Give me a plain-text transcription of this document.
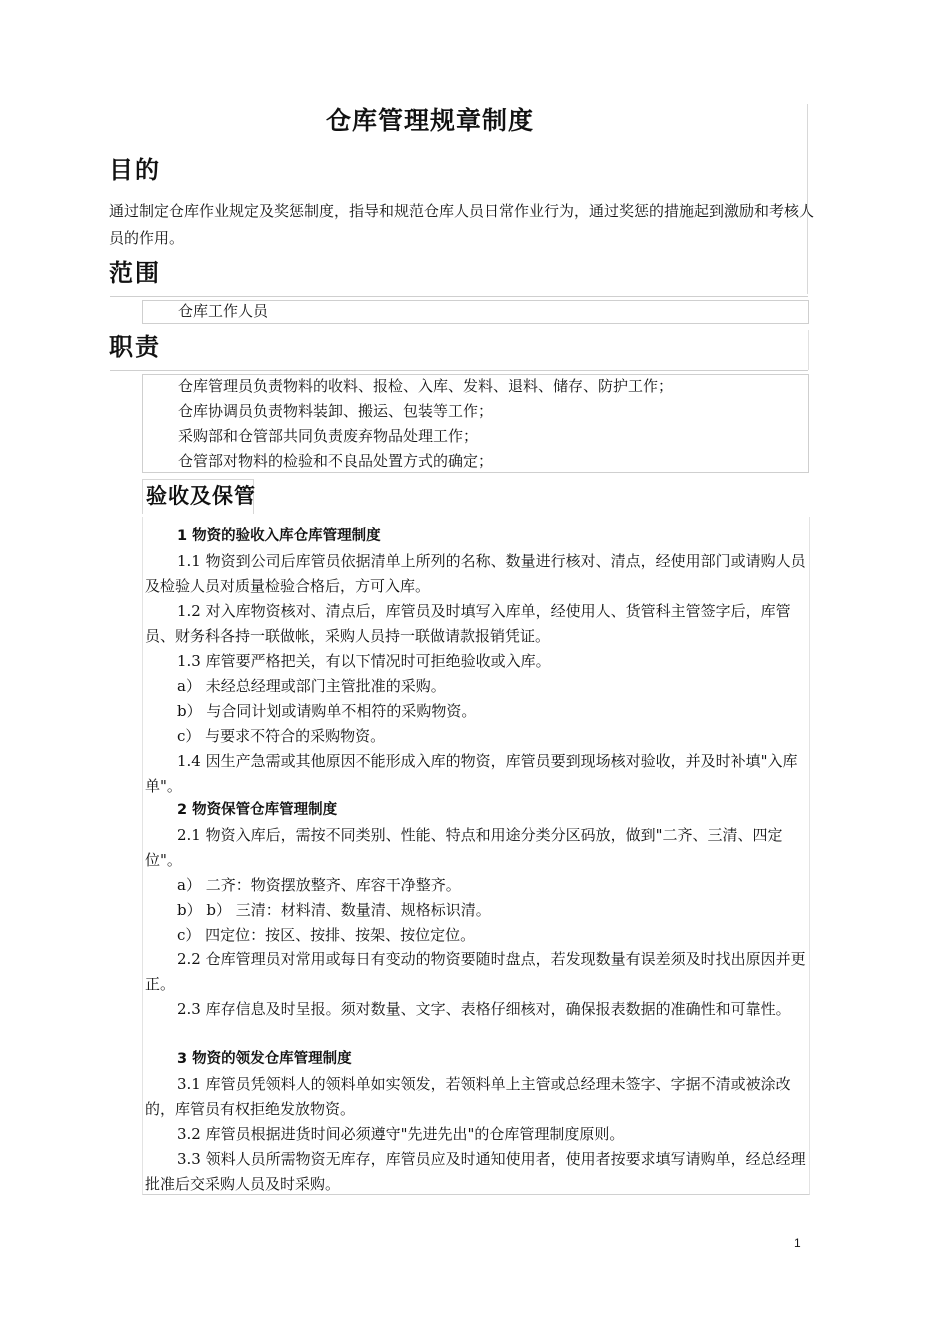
仓库管理规章制度
目的
通过制定仓库作业规定及奖惩制度，指导和规范仓库人员日常作业行为，通过奖惩的措施起到激励和考核人员的作用。
范围
仓库工作人员
职责
仓库管理员负责物料的收料、报检、入库、发料、退料、储存、防护工作；
仓库协调员负责物料装卸、搬运、包装等工作；
采购部和仓管部共同负责废弃物品处理工作；
仓管部对物料的检验和不良品处置方式的确定；
验收及保管
1 物资的验收入库仓库管理制度
1.1 物资到公司后库管员依据清单上所列的名称、数量进行核对、清点，经使用部门或请购人员及检验人员对质量检验合格后，方可入库。
1.2 对入库物资核对、清点后，库管员及时填写入库单，经使用人、货管科主管签字后，库管员、财务科各持一联做帐，采购人员持一联做请款报销凭证。
1.3 库管要严格把关，有以下情况时可拒绝验收或入库。
a） 未经总经理或部门主管批准的采购。
b） 与合同计划或请购单不相符的采购物资。
c） 与要求不符合的采购物资。
1.4 因生产急需或其他原因不能形成入库的物资，库管员要到现场核对验收，并及时补填"入库单"。
2 物资保管仓库管理制度
2.1 物资入库后，需按不同类别、性能、特点和用途分类分区码放，做到"二齐、三清、四定位"。
a） 二齐：物资摆放整齐、库容干净整齐。
b） b） 三清：材料清、数量清、规格标识清。
c） 四定位：按区、按排、按架、按位定位。
2.2 仓库管理员对常用或每日有变动的物资要随时盘点，若发现数量有误差须及时找出原因并更正。
2.3 库存信息及时呈报。须对数量、文字、表格仔细核对，确保报表数据的准确性和可靠性。
3 物资的领发仓库管理制度
3.1 库管员凭领料人的领料单如实领发，若领料单上主管或总经理未签字、字据不清或被涂改的，库管员有权拒绝发放物资。
3.2 库管员根据进货时间必须遵守"先进先出"的仓库管理制度原则。
3.3 领料人员所需物资无库存，库管员应及时通知使用者，使用者按要求填写请购单，经总经理批准后交采购人员及时采购。
1
